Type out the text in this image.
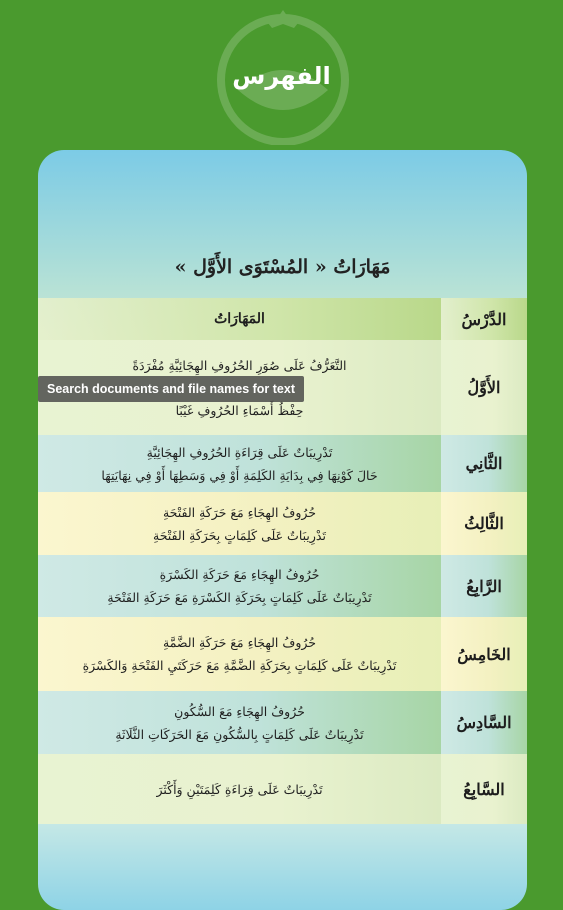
الفهرس
مَهَارَاتُ « المُسْتَوَى الأَوَّل »
المَهَارَاتُ	الدَّرْسُ
التَّعَرُّفُ عَلَى صُوَرِ الحُرُوفِ الهِجَائِيَّةِ مُفْرَدَةً
حِفْظُ أَسْمَاءِ الحُرُوفِ غَيْبًا
الأَوَّلُ
تَدْرِيبَاتٌ عَلَى قِرَاءَةِ الحُرُوفِ الهِجَائِيَّةِ
حَالَ كَوْنِهَا فِي بِدَايَةِ الكَلِمَةِ أَوْ فِي وَسَطِهَا أَوْ فِي نِهَايَتِهَا
الثَّانِي
حُرُوفُ الهِجَاءِ مَعَ حَرَكَةِ الفَتْحَةِ
تَدْرِيبَاتٌ عَلَى كَلِمَاتٍ بِحَرَكَةِ الفَتْحَةِ
الثَّالِثُ
حُرُوفُ الهِجَاءِ مَعَ حَرَكَةِ الكَسْرَةِ
تَدْرِيبَاتٌ عَلَى كَلِمَاتٍ بِحَرَكَةِ الكَسْرَةِ مَعَ حَرَكَةِ الفَتْحَةِ
الرَّابِعُ
حُرُوفُ الهِجَاءِ مَعَ حَرَكَةِ الضَّمَّةِ
تَدْرِيبَاتٌ عَلَى كَلِمَاتٍ بِحَرَكَةِ الضَّمَّةِ مَعَ حَرَكَتَيِ الفَتْحَةِ وَالكَسْرَةِ
الخَامِسُ
حُرُوفُ الهِجَاءِ مَعَ السُّكُونِ
تَدْرِيبَاتٌ عَلَى كَلِمَاتٍ بِالسُّكُونِ مَعَ الحَرَكَاتِ الثَّلَاثَةِ
السَّادِسُ
تَدْرِيبَاتٌ عَلَى قِرَاءَةِ كَلِمَتَيْنِ وَأَكْثَرَ	السَّابِعُ
Search documents and file names for text
